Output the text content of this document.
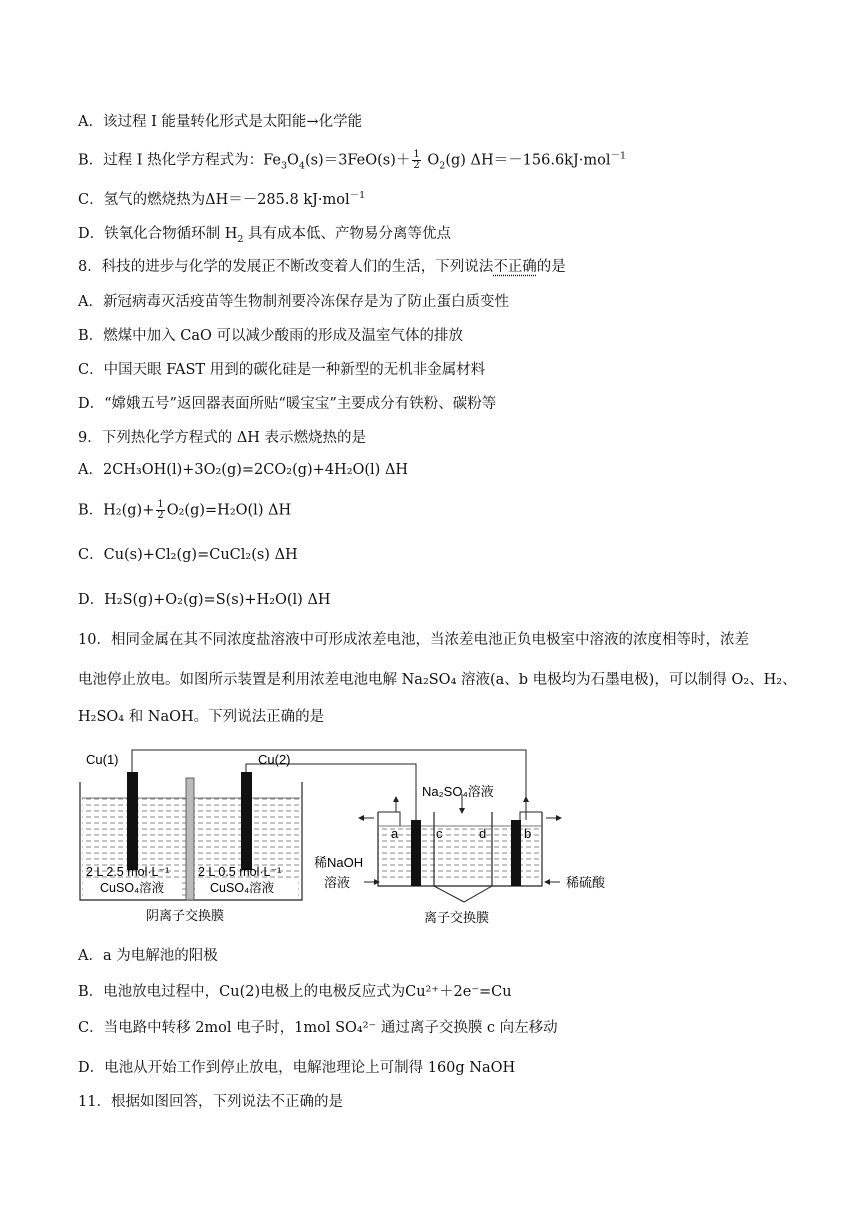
A．该过程 I 能量转化形式是太阳能→化学能
B．过程 I 热化学方程式为：$Fe_3O_4(s)=3FeO(s)+ \frac{1}{2} O_2(g)$ ΔH＝－156.6kJ·mol$^{-1}$
C．氢气的燃烧热为ΔH＝－285.8 kJ·mol$^{-1}$
D．铁氧化合物循环制 $H_2$ 具有成本低、产物易分离等优点
8．科技的进步与化学的发展正不断改变着人们的生活，下列说法不正确的是
A．新冠病毒灭活疫苗等生物制剂要冷冻保存是为了防止蛋白质变性
B．燃煤中加入 CaO 可以减少酸雨的形成及温室气体的排放
C．中国天眼 FAST 用到的碳化硅是一种新型的无机非金属材料
D．“嫦娥五号”返回器表面所贴“暖宝宝”主要成分有铁粉、碳粉等
9．下列热化学方程式的 ΔH 表示燃烧热的是
A．2CH₃OH(l)+3O₂(g)=2CO₂(g)+4H₂O(l) ΔH
B．$H_2(g)+ \frac{1}{2} O_2(g)=H_2O(l)$ ΔH
C．Cu(s)+Cl₂(g)=CuCl₂(s) ΔH
D．H₂S(g)+O₂(g)=S(s)+H₂O(l) ΔH
10．相同金属在其不同浓度盐溶液中可形成浓差电池，当浓差电池正负电极室中溶液的浓度相等时，浓差
电池停止放电。如图所示装置是利用浓差电池电解 Na₂SO₄ 溶液(a、b 电极均为石墨电极)，可以制得 O₂、H₂、
H₂SO₄ 和 NaOH。下列说法正确的是
Cu(1)	Cu(2)
2 L 2.5 mol·L⁻¹
CuSO₄溶液
2 L 0.5 mol·L⁻¹
CuSO₄溶液
阴离子交换膜
Na₂SO₄溶液
a	c	d	b
稀NaOH
溶液	稀硫酸
离子交换膜
A．a 为电解池的阳极
B．电池放电过程中，Cu(2)电极上的电极反应式为Cu²⁺＋2e⁻=Cu
C．当电路中转移 2mol 电子时，1mol SO₄²⁻ 通过离子交换膜 c 向左移动
D．电池从开始工作到停止放电，电解池理论上可制得 160g NaOH
11．根据如图回答，下列说法不正确的是
